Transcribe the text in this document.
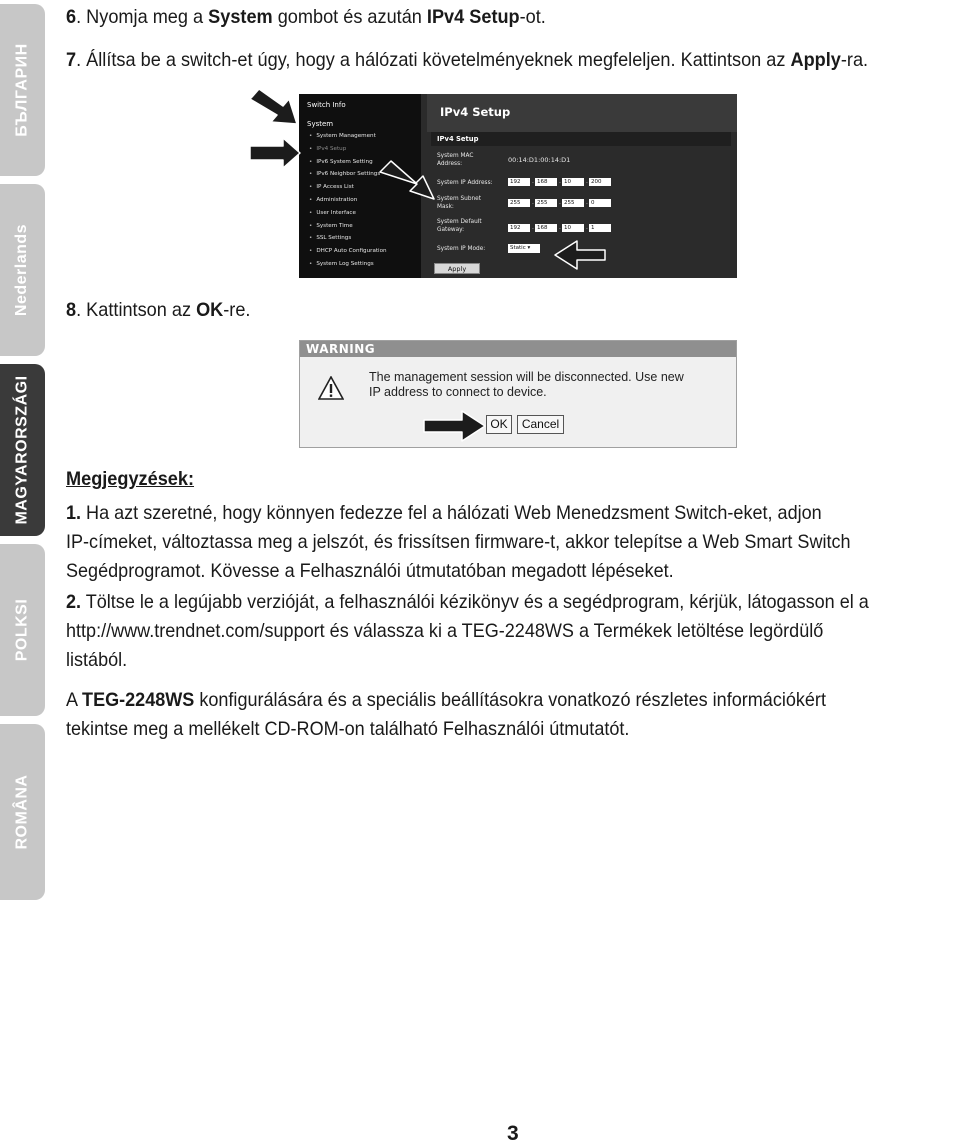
БЪЛГАРИН
Nederlands
MAGYARORSZÁGI
POLKSI
ROMÂNA
6. Nyomja meg a System gombot és azután IPv4 Setup-ot.
7. Állítsa be a switch-et úgy, hogy a hálózati követelményeknek megfeleljen. Kattintson az Apply-ra.
8. Kattintson az OK-re.
Switch Info
System
• System Management
• IPv4 Setup
• IPv6 System Setting
• IPv6 Neighbor Settings
• IP Access List
• Administration
• User Interface
• System Time
• SSL Settings
• DHCP Auto Configuration
• System Log Settings
IPv4 Setup
IPv4 Setup
System MAC Address:	00:14:D1:00:14:D1
System IP Address:	192	. 168	. 10	. 200
System Subnet Mask:
255	. 255	. 255	. 0
System Default Gateway:	192	. 168	. 10	. 1
System IP Mode:	Static ▾
Apply
WARNING
The management session will be disconnected. Use new
IP address to connect to device.
OK	Cancel
Megjegyzések:
1. Ha azt szeretné, hogy könnyen fedezze fel a hálózati Web Menedzsment Switch-eket, adjon
IP-címeket, változtassa meg a jelszót, és frissítsen firmware-t, akkor telepítse a Web Smart Switch
Segédprogramot. Kövesse a Felhasználói útmutatóban megadott lépéseket.
2. Töltse le a legújabb verzióját, a felhasználói kézikönyv és a segédprogram, kérjük, látogasson el a
http://www.trendnet.com/support és válassza ki a TEG-2248WS a Termékek letöltése legördülő
listából.
A TEG-2248WS konfigurálására és a speciális beállításokra vonatkozó részletes információkért
tekintse meg a mellékelt CD-ROM-on található Felhasználói útmutatót.
3
